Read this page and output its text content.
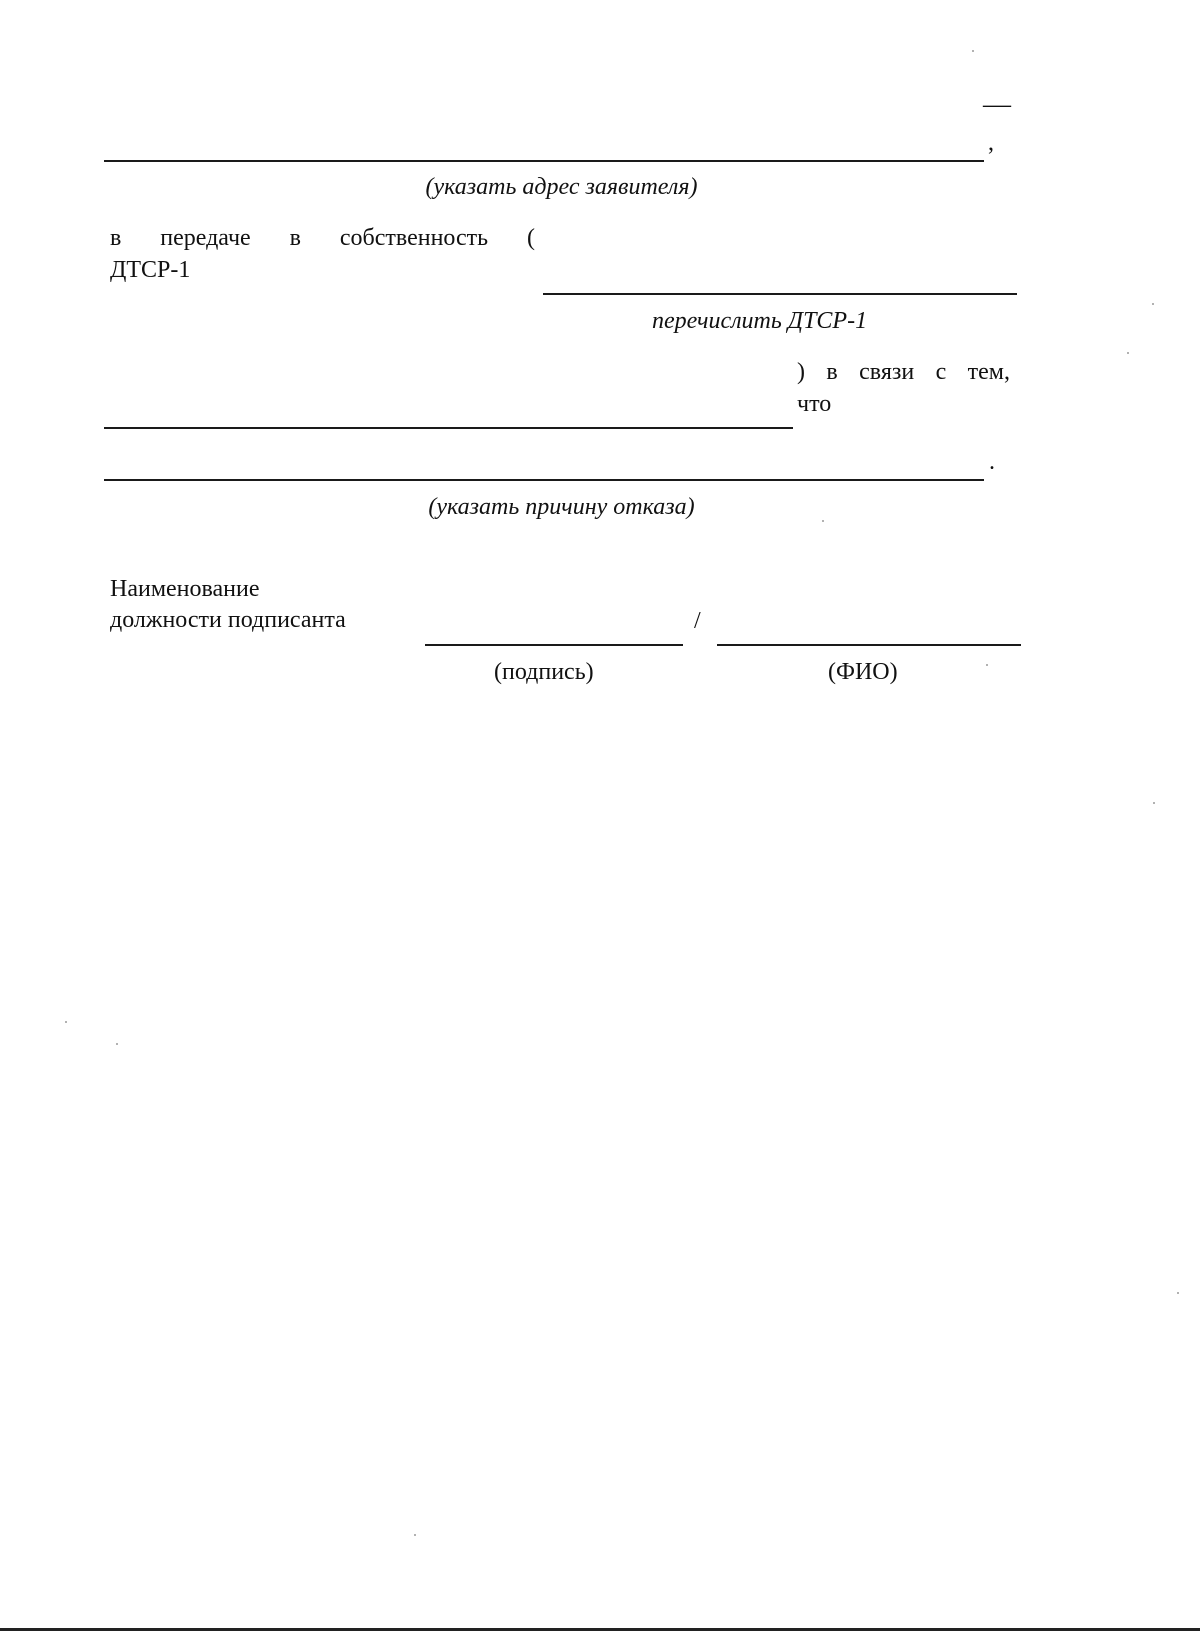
—
,
(указать адрес заявителя)
в передаче в собственность (
ДТСР-1
перечислить ДТСР-1
) в связи с тем,
что
.
(указать причину отказа)
Наименование
должности подписанта	/
(подпись)	(ФИО)
